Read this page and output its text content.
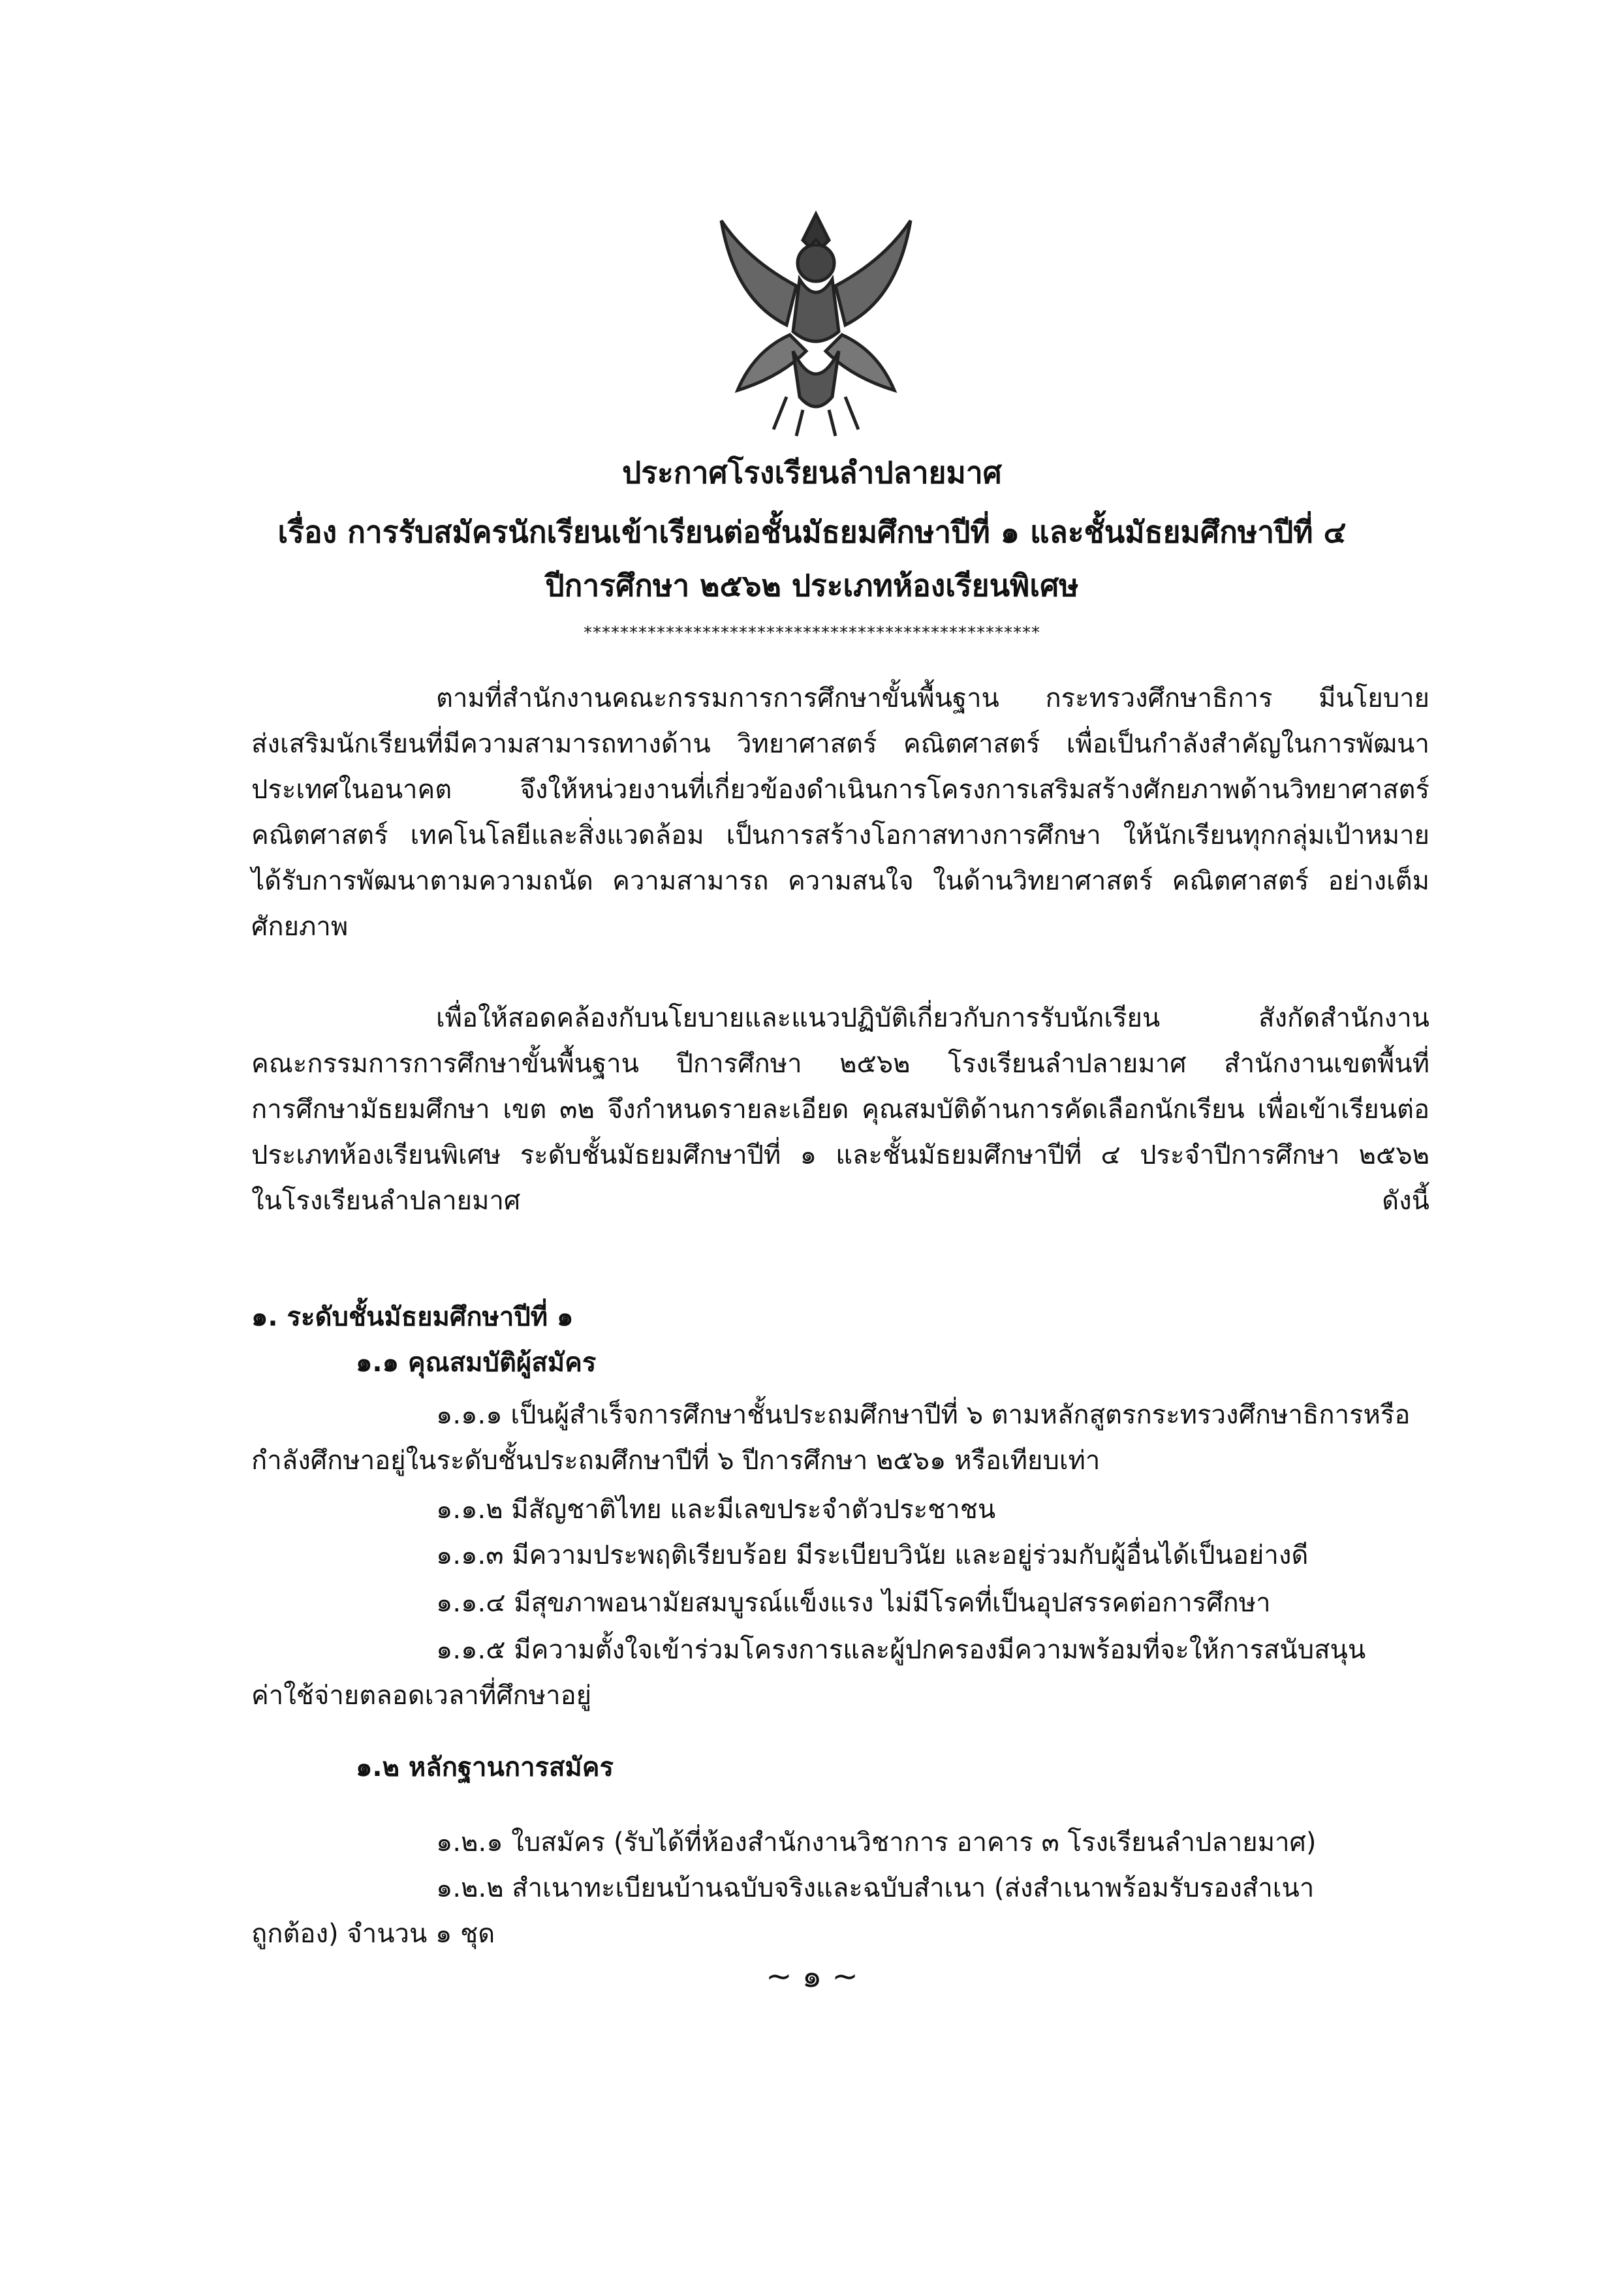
ประกาศโรงเรียนลำปลายมาศ
เรื่อง การรับสมัครนักเรียนเข้าเรียนต่อชั้นมัธยมศึกษาปีที่ ๑ และชั้นมัธยมศึกษาปีที่ ๔
ปีการศึกษา ๒๕๖๒ ประเภทห้องเรียนพิเศษ
**************************************************
ตามที่สำนักงานคณะกรรมการการศึกษาขั้นพื้นฐาน กระทรวงศึกษาธิการ มีนโยบาย
ส่งเสริมนักเรียนที่มีความสามารถทางด้าน วิทยาศาสตร์ คณิตศาสตร์ เพื่อเป็นกำลังสำคัญในการพัฒนา
ประเทศในอนาคต จึงให้หน่วยงานที่เกี่ยวข้องดำเนินการโครงการเสริมสร้างศักยภาพด้านวิทยาศาสตร์
คณิตศาสตร์ เทคโนโลยีและสิ่งแวดล้อม เป็นการสร้างโอกาสทางการศึกษา ให้นักเรียนทุกกลุ่มเป้าหมาย
ได้รับการพัฒนาตามความถนัด ความสามารถ ความสนใจ ในด้านวิทยาศาสตร์ คณิตศาสตร์ อย่างเต็ม
ศักยภาพ
เพื่อให้สอดคล้องกับนโยบายและแนวปฏิบัติเกี่ยวกับการรับนักเรียน สังกัดสำนักงาน
คณะกรรมการการศึกษาขั้นพื้นฐาน ปีการศึกษา ๒๕๖๒ โรงเรียนลำปลายมาศ สำนักงานเขตพื้นที่
การศึกษามัธยมศึกษา เขต ๓๒ จึงกำหนดรายละเอียด คุณสมบัติด้านการคัดเลือกนักเรียน เพื่อเข้าเรียนต่อ
ประเภทห้องเรียนพิเศษ ระดับชั้นมัธยมศึกษาปีที่ ๑ และชั้นมัธยมศึกษาปีที่ ๔ ประจำปีการศึกษา ๒๕๖๒
ในโรงเรียนลำปลายมาศ ดังนี้
๑. ระดับชั้นมัธยมศึกษาปีที่ ๑
๑.๑ คุณสมบัติผู้สมัคร
๑.๑.๑ เป็นผู้สำเร็จการศึกษาชั้นประถมศึกษาปีที่ ๖ ตามหลักสูตรกระทรวงศึกษาธิการหรือ
กำลังศึกษาอยู่ในระดับชั้นประถมศึกษาปีที่ ๖ ปีการศึกษา ๒๕๖๑ หรือเทียบเท่า
๑.๑.๒ มีสัญชาติไทย และมีเลขประจำตัวประชาชน
๑.๑.๓ มีความประพฤติเรียบร้อย มีระเบียบวินัย และอยู่ร่วมกับผู้อื่นได้เป็นอย่างดี
๑.๑.๔ มีสุขภาพอนามัยสมบูรณ์แข็งแรง ไม่มีโรคที่เป็นอุปสรรคต่อการศึกษา
๑.๑.๕ มีความตั้งใจเข้าร่วมโครงการและผู้ปกครองมีความพร้อมที่จะให้การสนับสนุน
ค่าใช้จ่ายตลอดเวลาที่ศึกษาอยู่
๑.๒ หลักฐานการสมัคร
๑.๒.๑ ใบสมัคร (รับได้ที่ห้องสำนักงานวิชาการ อาคาร ๓ โรงเรียนลำปลายมาศ)
๑.๒.๒ สำเนาทะเบียนบ้านฉบับจริงและฉบับสำเนา (ส่งสำเนาพร้อมรับรองสำเนา
ถูกต้อง) จำนวน ๑ ชุด
~ ๑ ~
